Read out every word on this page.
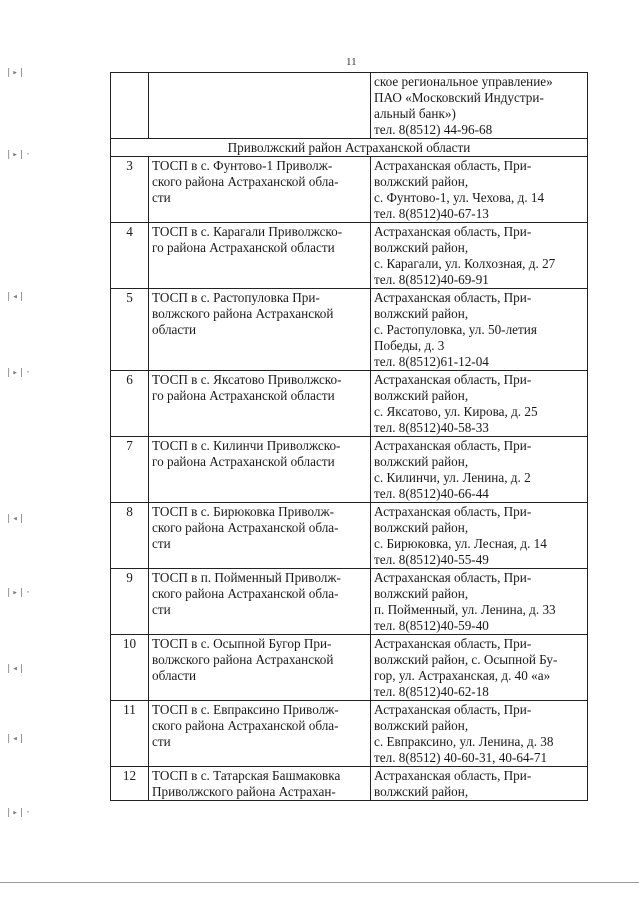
11
|▸|
|▸|·
|◂|
|▸|·
|◂|
|▸|·
|◂|
|◂|
|▸|·

		ское региональное управление»
ПАО «Московский Индустри-
альный банк»)
тел. 8(8512) 44-96-68

Приволжский район Астраханской области		
3	ТОСП в с. Фунтово-1 Приволж-
ского района Астраханской обла-
сти	Астраханская область, При-
волжский район,
с. Фунтово-1, ул. Чехова, д. 14
тел. 8(8512)40-67-13

4	ТОСП в с. Карагали Приволжско-
го района Астраханской области	Астраханская область, При-
волжский район,
с. Карагали, ул. Колхозная, д. 27
тел. 8(8512)40-69-91

5	ТОСП в с. Растопуловка При-
волжского района Астраханской
области	Астраханская область, При-
волжский район,
с. Растопуловка, ул. 50-летия
Победы, д. 3
тел. 8(8512)61-12-04

6	ТОСП в с. Яксатово Приволжско-
го района Астраханской области	Астраханская область, При-
волжский район,
с. Яксатово, ул. Кирова, д. 25
тел. 8(8512)40-58-33

7	ТОСП в с. Килинчи Приволжско-
го района Астраханской области	Астраханская область, При-
волжский район,
с. Килинчи, ул. Ленина, д. 2
тел. 8(8512)40-66-44

8	ТОСП в с. Бирюковка Приволж-
ского района Астраханской обла-
сти	Астраханская область, При-
волжский район,
с. Бирюковка, ул. Лесная, д. 14
тел. 8(8512)40-55-49

9	ТОСП в п. Пойменный Приволж-
ского района Астраханской обла-
сти	Астраханская область, При-
волжский район,
п. Пойменный, ул. Ленина, д. 33
тел. 8(8512)40-59-40

10	ТОСП в с. Осыпной Бугор При-
волжского района Астраханской
области	Астраханская область, При-
волжский район, с. Осыпной Бу-
гор, ул. Астраханская, д. 40 «а»
тел. 8(8512)40-62-18

11	ТОСП в с. Евпраксино Приволж-
ского района Астраханской обла-
сти	Астраханская область, При-
волжский район,
с. Евпраксино, ул. Ленина, д. 38
тел. 8(8512) 40-60-31, 40-64-71

12	ТОСП в с. Татарская Башмаковка
Приволжского района Астрахан-	Астраханская область, При-
волжский район,
